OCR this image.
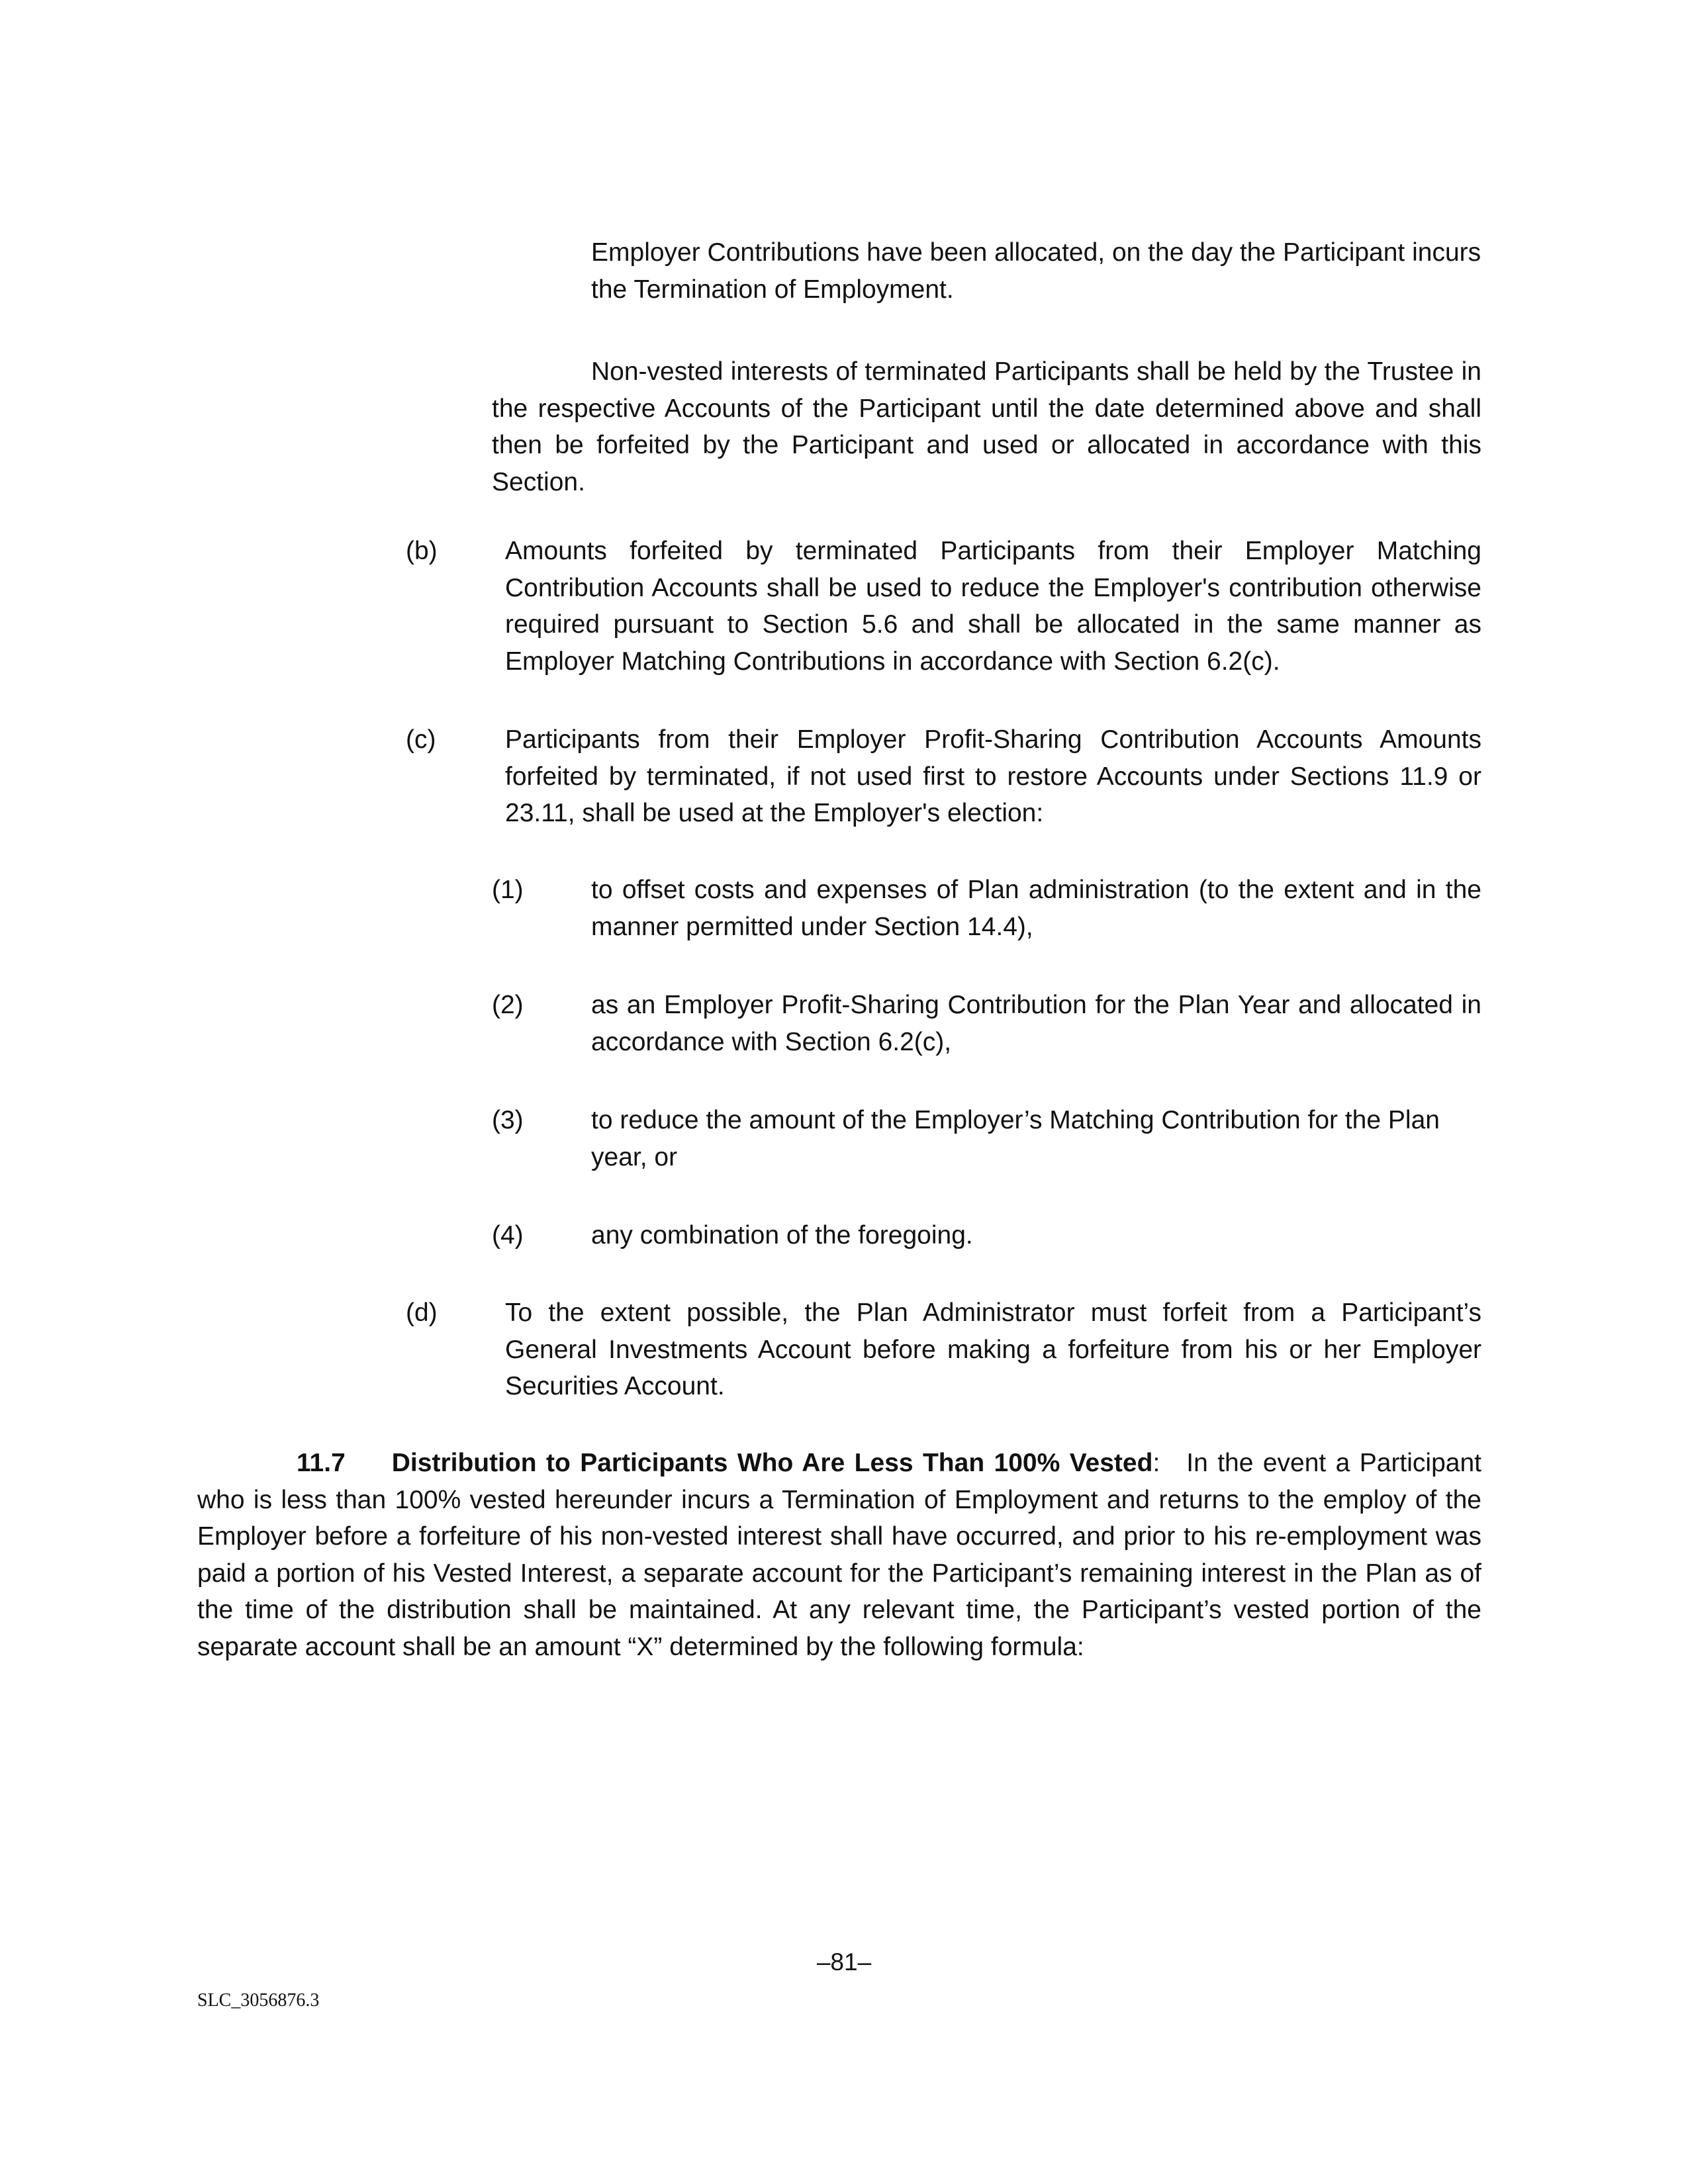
Employer Contributions have been allocated, on the day the Participant incurs the Termination of Employment.

Non-vested interests of terminated Participants shall be held by the Trustee in the respective Accounts of the Participant until the date determined above and shall then be forfeited by the Participant and used or allocated in accordance with this Section.

(b)	Amounts forfeited by terminated Participants from their Employer Matching Contribution Accounts shall be used to reduce the Employer's contribution otherwise required pursuant to Section 5.6 and shall be allocated in the same manner as Employer Matching Contributions in accordance with Section 6.2(c).

(c)	Participants from their Employer Profit-Sharing Contribution Accounts Amounts forfeited by terminated, if not used first to restore Accounts under Sections 11.9 or 23.11, shall be used at the Employer's election:

(1)	to offset costs and expenses of Plan administration (to the extent and in the manner permitted under Section 14.4),

(2)	as an Employer Profit-Sharing Contribution for the Plan Year and allocated in accordance with Section 6.2(c),

(3)	to reduce the amount of the Employer’s Matching Contribution for the Plan year, or

(4)	any combination of the foregoing.

(d)	To the extent possible, the Plan Administrator must forfeit from a Participant’s General Investments Account before making a forfeiture from his or her Employer Securities Account.

11.7 Distribution to Participants Who Are Less Than 100% Vested: In the event a Participant who is less than 100% vested hereunder incurs a Termination of Employment and returns to the employ of the Employer before a forfeiture of his non-vested interest shall have occurred, and prior to his re-employment was paid a portion of his Vested Interest, a separate account for the Participant’s remaining interest in the Plan as of the time of the distribution shall be maintained. At any relevant time, the Participant’s vested portion of the separate account shall be an amount “X” determined by the following formula:

–81–
SLC_3056876.3
